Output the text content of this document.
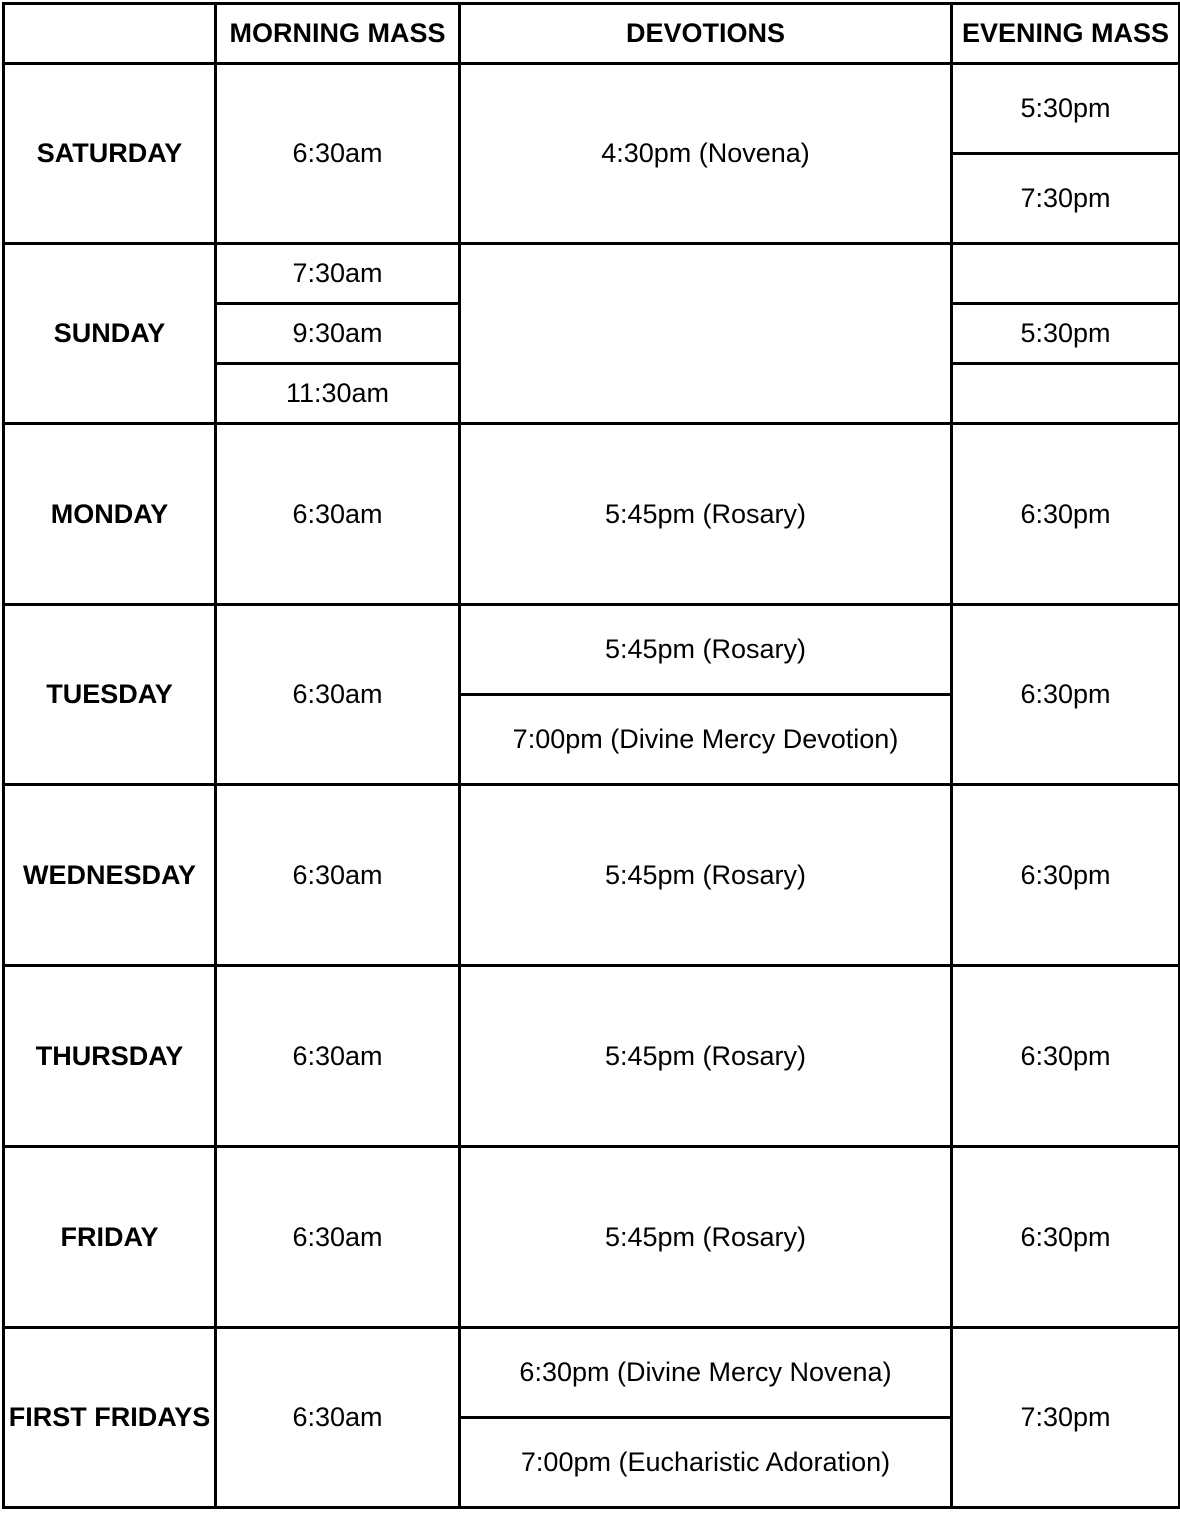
	MORNING MASS	DEVOTIONS	EVENING MASS
SATURDAY	6:30am	4:30pm (Novena)	5:30pm
			7:30pm
SUNDAY	7:30am		
	9:30am		5:30pm
	11:30am		
MONDAY	6:30am	5:45pm (Rosary)	6:30pm
TUESDAY	6:30am	5:45pm (Rosary)	6:30pm
		7:00pm (Divine Mercy Devotion)	
WEDNESDAY	6:30am	5:45pm (Rosary)	6:30pm
THURSDAY	6:30am	5:45pm (Rosary)	6:30pm
FRIDAY	6:30am	5:45pm (Rosary)	6:30pm
FIRST FRIDAYS	6:30am	6:30pm (Divine Mercy Novena)	7:30pm
		7:00pm (Eucharistic Adoration)	
